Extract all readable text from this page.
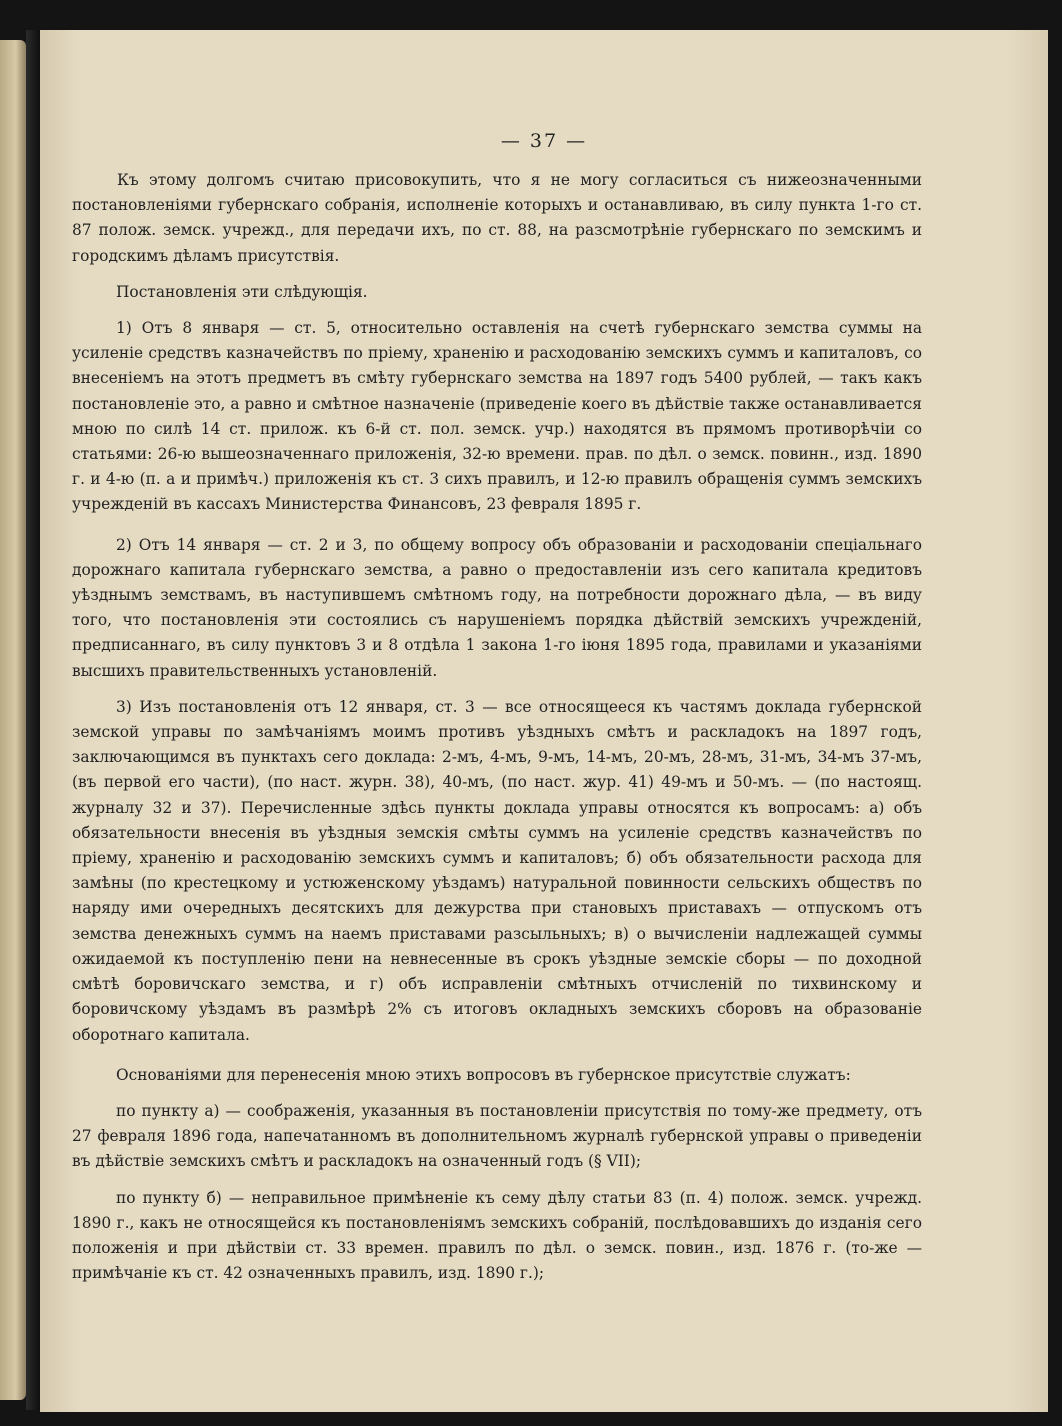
— 37 —

Къ этому долгомъ считаю присовокупить, что я не могу согласиться съ нижеозначенными постановленіями губернскаго собранія, исполненіе которыхъ и останавливаю, въ силу пункта 1-го ст. 87 полож. земск. учрежд., для передачи ихъ, по ст. 88, на разсмотрѣніе губернскаго по земскимъ и городскимъ дѣламъ присутствія.

Постановленія эти слѣдующія.

1) Отъ 8 января — ст. 5, относительно оставленія на счетѣ губернскаго земства суммы на усиленіе средствъ казначействъ по пріему, храненію и расходованію земскихъ суммъ и капиталовъ, со внесеніемъ на этотъ предметъ въ смѣту губернскаго земства на 1897 годъ 5400 рублей, — такъ какъ постановленіе это, а равно и смѣтное назначеніе (приведеніе коего въ дѣйствіе также останавливается мною по силѣ 14 ст. прилож. къ 6-й ст. пол. земск. учр.) находятся въ прямомъ противорѣчіи со статьями: 26-ю вышеозначеннаго приложенія, 32-ю времени. прав. по дѣл. о земск. повинн., изд. 1890 г. и 4-ю (п. а и примѣч.) приложенія къ ст. 3 сихъ правилъ, и 12-ю правилъ обращенія суммъ земскихъ учрежденій въ кассахъ Министерства Финансовъ, 23 февраля 1895 г.

2) Отъ 14 января — ст. 2 и 3, по общему вопросу объ образованіи и расходованіи спеціальнаго дорожнаго капитала губернскаго земства, а равно о предоставленіи изъ сего капитала кредитовъ уѣзднымъ земствамъ, въ наступившемъ смѣтномъ году, на потребности дорожнаго дѣла, — въ виду того, что постановленія эти состоялись съ нарушеніемъ порядка дѣйствій земскихъ учрежденій, предписаннаго, въ силу пунктовъ 3 и 8 отдѣла 1 закона 1-го іюня 1895 года, правилами и указаніями высшихъ правительственныхъ установленій.

3) Изъ постановленія отъ 12 января, ст. 3 — все относящееся къ частямъ доклада губернской земской управы по замѣчаніямъ моимъ противъ уѣздныхъ смѣтъ и раскладокъ на 1897 годъ, заключающимся въ пунктахъ сего доклада: 2-мъ, 4-мъ, 9-мъ, 14-мъ, 20-мъ, 28-мъ, 31-мъ, 34-мъ 37-мъ, (въ первой его части), (по наст. журн. 38), 40-мъ, (по наст. жур. 41) 49-мъ и 50-мъ. — (по настоящ. журналу 32 и 37). Перечисленные здѣсь пункты доклада управы относятся къ вопросамъ: а) объ обязательности внесенія въ уѣздныя земскія смѣты суммъ на усиленіе средствъ казначействъ по пріему, храненію и расходованію земскихъ суммъ и капиталовъ; б) объ обязательности расхода для замѣны (по крестецкому и устюженскому уѣздамъ) натуральной повинности сельскихъ обществъ по наряду ими очередныхъ десятскихъ для дежурства при становыхъ приставахъ — отпускомъ отъ земства денежныхъ суммъ на наемъ приставами разсыльныхъ; в) о вычисленіи надлежащей суммы ожидаемой къ поступленію пени на невнесенные въ срокъ уѣздные земскіе сборы — по доходной смѣтѣ боровичскаго земства, и г) объ исправленіи смѣтныхъ отчисленій по тихвинскому и боровичскому уѣздамъ въ размѣрѣ 2% съ итоговъ окладныхъ земскихъ сборовъ на образованіе оборотнаго капитала.

Основаніями для перенесенія мною этихъ вопросовъ въ губернское присутствіе служатъ:

по пункту а) — соображенія, указанныя въ постановленіи присутствія по тому-же предмету, отъ 27 февраля 1896 года, напечатанномъ въ дополнительномъ журналѣ губернской управы о приведеніи въ дѣйствіе земскихъ смѣтъ и раскладокъ на означенный годъ (§ VII);

по пункту б) — неправильное примѣненіе къ сему дѣлу статьи 83 (п. 4) полож. земск. учрежд. 1890 г., какъ не относящейся къ постановленіямъ земскихъ собраній, послѣдовавшихъ до изданія сего положенія и при дѣйствіи ст. 33 времен. правилъ по дѣл. о земск. повин., изд. 1876 г. (то-же — примѣчаніе къ ст. 42 означенныхъ правилъ, изд. 1890 г.);
